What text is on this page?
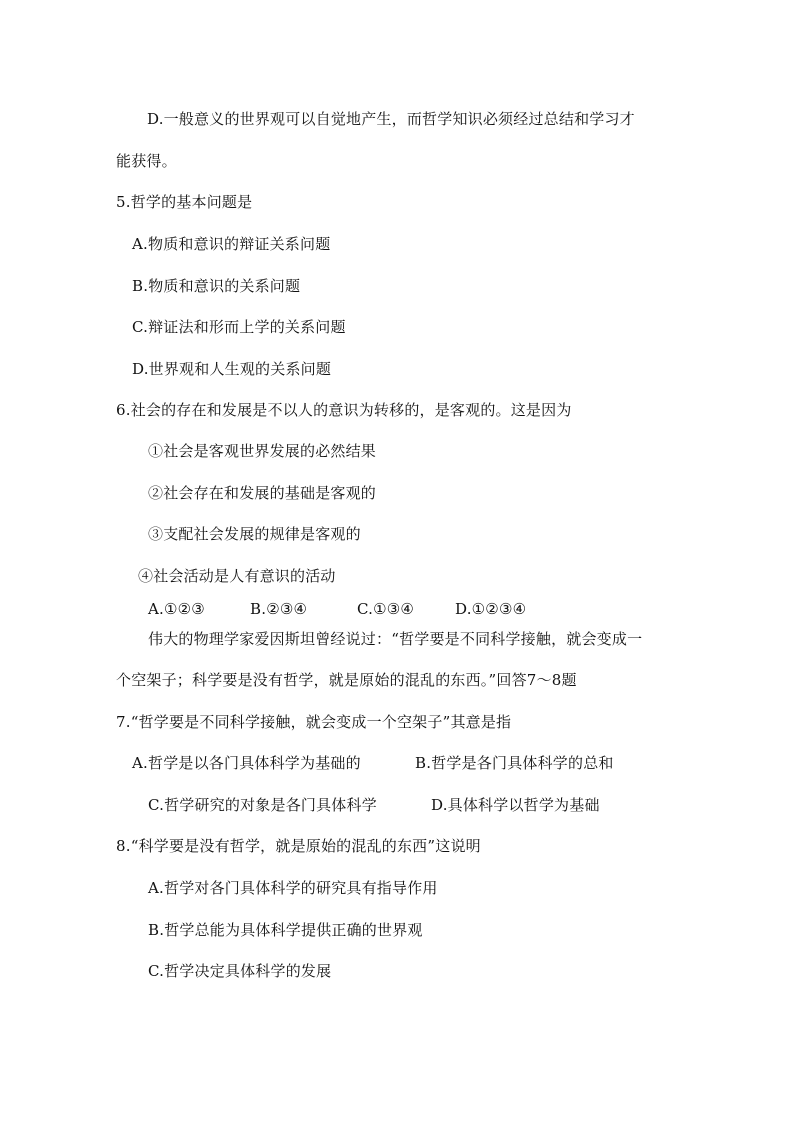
D.一般意义的世界观可以自觉地产生，而哲学知识必须经过总结和学习才
能获得。
5.哲学的基本问题是
A.物质和意识的辩证关系问题
B.物质和意识的关系问题
C.辩证法和形而上学的关系问题
D.世界观和人生观的关系问题
6.社会的存在和发展是不以人的意识为转移的，是客观的。这是因为
①社会是客观世界发展的必然结果
②社会存在和发展的基础是客观的
③支配社会发展的规律是客观的
④社会活动是人有意识的活动
A.①②③	B.②③④	C.①③④	D.①②③④
伟大的物理学家爱因斯坦曾经说过：“哲学要是不同科学接触，就会变成一
个空架子；科学要是没有哲学，就是原始的混乱的东西。”回答7～8题
7.“哲学要是不同科学接触，就会变成一个空架子”其意是指
A.哲学是以各门具体科学为基础的	B.哲学是各门具体科学的总和
C.哲学研究的对象是各门具体科学	D.具体科学以哲学为基础
8.“科学要是没有哲学，就是原始的混乱的东西”这说明
A.哲学对各门具体科学的研究具有指导作用
B.哲学总能为具体科学提供正确的世界观
C.哲学决定具体科学的发展
